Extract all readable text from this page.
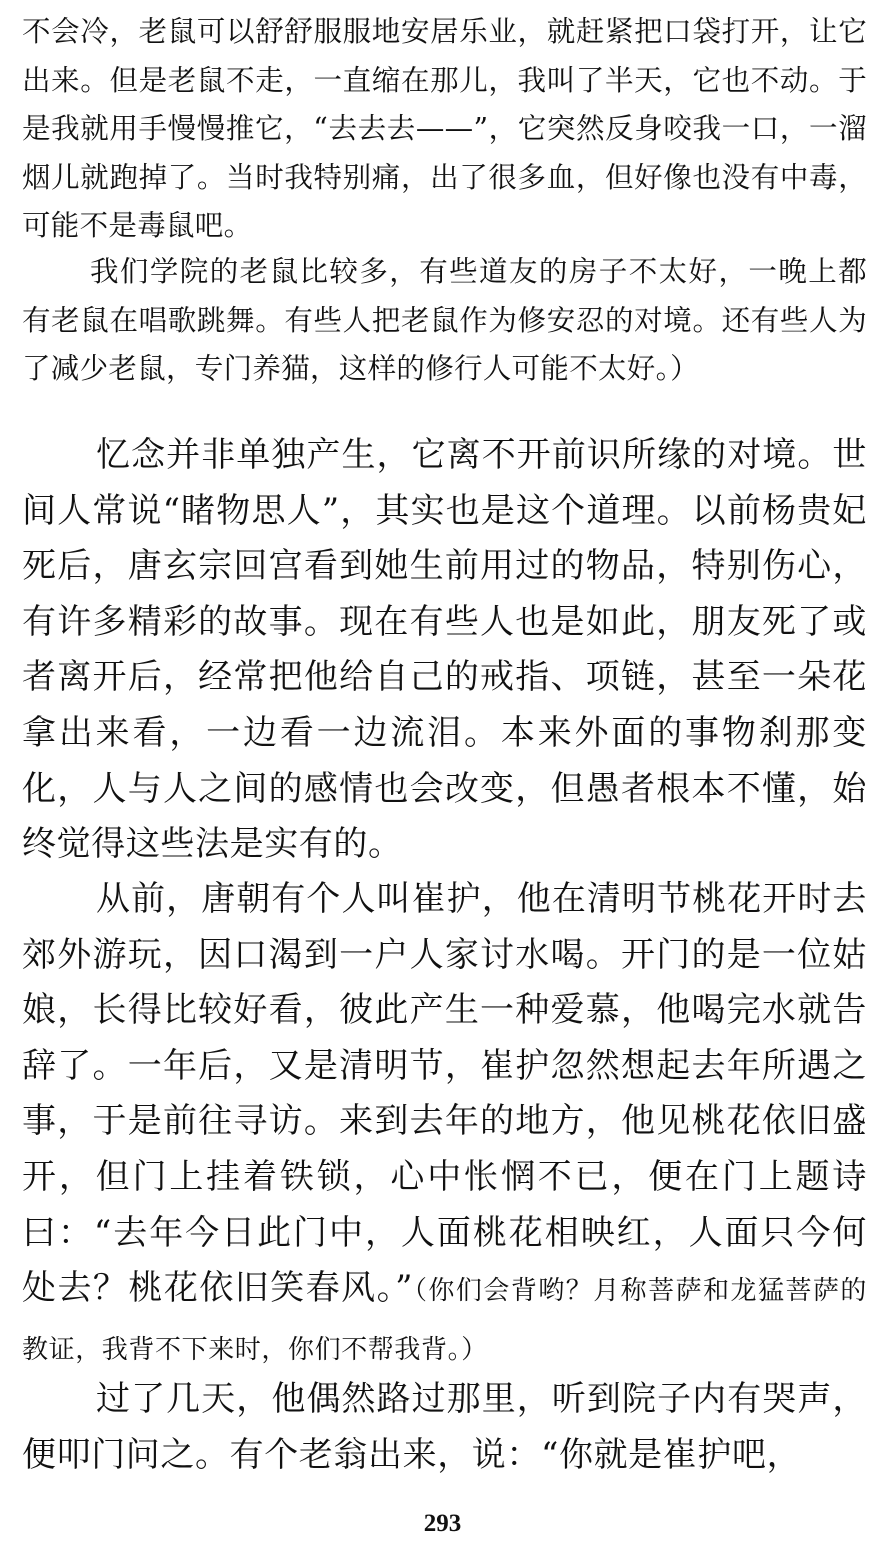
不会冷，老鼠可以舒舒服服地安居乐业，就赶紧把口袋打开，让它出来。但是老鼠不走，一直缩在那儿，我叫了半天，它也不动。于是我就用手慢慢推它，“去去去——”，它突然反身咬我一口，一溜烟儿就跑掉了。当时我特别痛，出了很多血，但好像也没有中毒，可能不是毒鼠吧。

我们学院的老鼠比较多，有些道友的房子不太好，一晚上都有老鼠在唱歌跳舞。有些人把老鼠作为修安忍的对境。还有些人为了减少老鼠，专门养猫，这样的修行人可能不太好。）

忆念并非单独产生，它离不开前识所缘的对境。世间人常说“睹物思人”，其实也是这个道理。以前杨贵妃死后，唐玄宗回宫看到她生前用过的物品，特别伤心，有许多精彩的故事。现在有些人也是如此，朋友死了或者离开后，经常把他给自己的戒指、项链，甚至一朵花拿出来看，一边看一边流泪。本来外面的事物刹那变化，人与人之间的感情也会改变，但愚者根本不懂，始终觉得这些法是实有的。

从前，唐朝有个人叫崔护，他在清明节桃花开时去郊外游玩，因口渴到一户人家讨水喝。开门的是一位姑娘，长得比较好看，彼此产生一种爱慕，他喝完水就告辞了。一年后，又是清明节，崔护忽然想起去年所遇之事，于是前往寻访。来到去年的地方，他见桃花依旧盛开，但门上挂着铁锁，心中怅惘不已，便在门上题诗曰：“去年今日此门中，人面桃花相映红，人面只今何处去？桃花依旧笑春风。”（你们会背哟？月称菩萨和龙猛菩萨的教证，我背不下来时，你们不帮我背。）

过了几天，他偶然路过那里，听到院子内有哭声，便叩门问之。有个老翁出来，说：“你就是崔护吧，

293
